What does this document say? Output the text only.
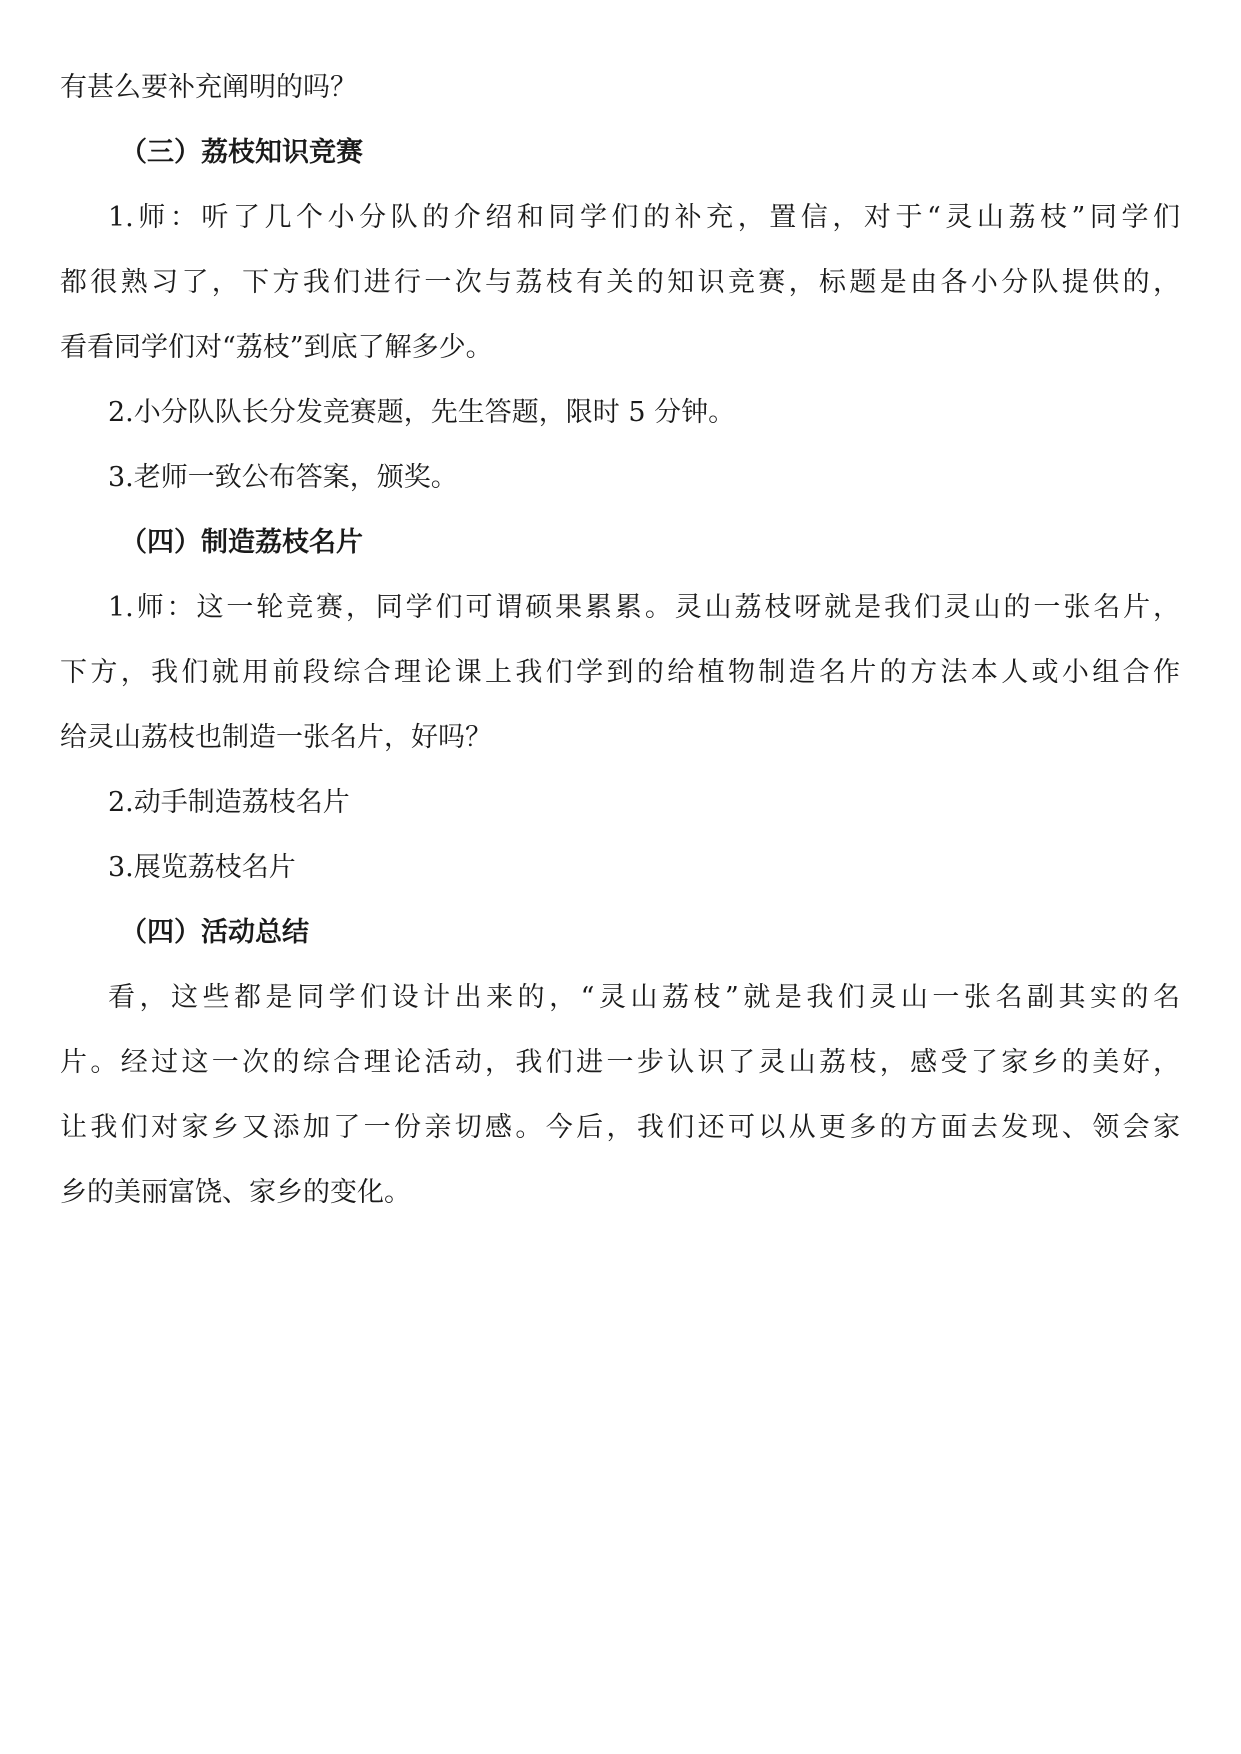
有甚么要补充阐明的吗？
（三）荔枝知识竞赛
1.师：听了几个小分队的介绍和同学们的补充，置信，对于“灵山荔枝”同学们
都很熟习了，下方我们进行一次与荔枝有关的知识竞赛，标题是由各小分队提供的，
看看同学们对“荔枝”到底了解多少。
2.小分队队长分发竞赛题，先生答题，限时 5 分钟。
3.老师一致公布答案，颁奖。
（四）制造荔枝名片
1.师：这一轮竞赛，同学们可谓硕果累累。灵山荔枝呀就是我们灵山的一张名片，
下方，我们就用前段综合理论课上我们学到的给植物制造名片的方法本人或小组合作
给灵山荔枝也制造一张名片，好吗？
2.动手制造荔枝名片
3.展览荔枝名片
（四）活动总结
看，这些都是同学们设计出来的，“灵山荔枝”就是我们灵山一张名副其实的名
片。经过这一次的综合理论活动，我们进一步认识了灵山荔枝，感受了家乡的美好，
让我们对家乡又添加了一份亲切感。今后，我们还可以从更多的方面去发现、领会家
乡的美丽富饶、家乡的变化。
